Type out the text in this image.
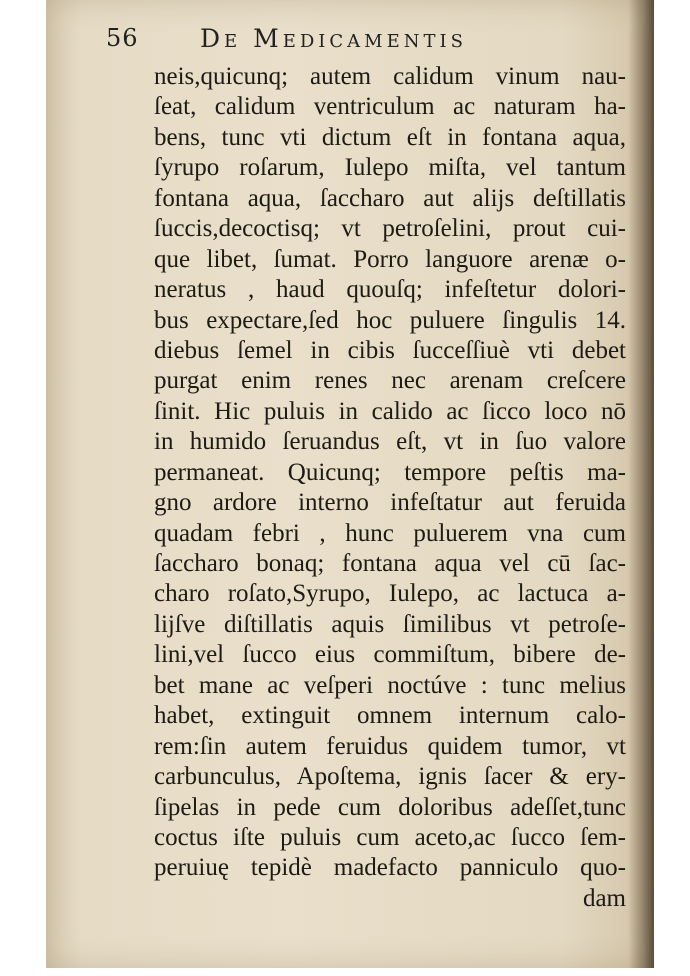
56 De Medicamentis
neis,quicunq; autem calidum vinum nau-
ſeat, calidum ventriculum ac naturam ha-
bens, tunc vti dictum eſt in fontana aqua,
ſyrupo roſarum, Iulepo miſta, vel tantum
fontana aqua, ſaccharo aut alijs deſtillatis
ſuccis,decoctisq; vt petroſelini, prout cui-
que libet, ſumat. Porro languore arenæ o-
neratus , haud quouſq; infeſtetur dolori-
bus expectare,ſed hoc puluere ſingulis 14.
diebus ſemel in cibis ſucceſſiuè vti debet
purgat enim renes nec arenam creſcere
ſinit. Hic puluis in calido ac ſicco loco nō
in humido ſeruandus eſt, vt in ſuo valore
permaneat. Quicunq; tempore peſtis ma-
gno ardore interno infeſtatur aut feruida
quadam febri , hunc puluerem vna cum
ſaccharo bonaq; fontana aqua vel cū ſac-
charo roſato,Syrupo, Iulepo, ac lactuca a-
lijſve diſtillatis aquis ſimilibus vt petroſe-
lini,vel ſucco eius commiſtum, bibere de-
bet mane ac veſperi noctúve : tunc melius
habet, extinguit omnem internum calo-
rem:ſin autem feruidus quidem tumor, vt
carbunculus, Apoſtema, ignis ſacer & ery-
ſipelas in pede cum doloribus adeſſet,tunc
coctus iſte puluis cum aceto,ac ſucco ſem-
peruiuę tepidè madefacto panniculo quo-
dam
